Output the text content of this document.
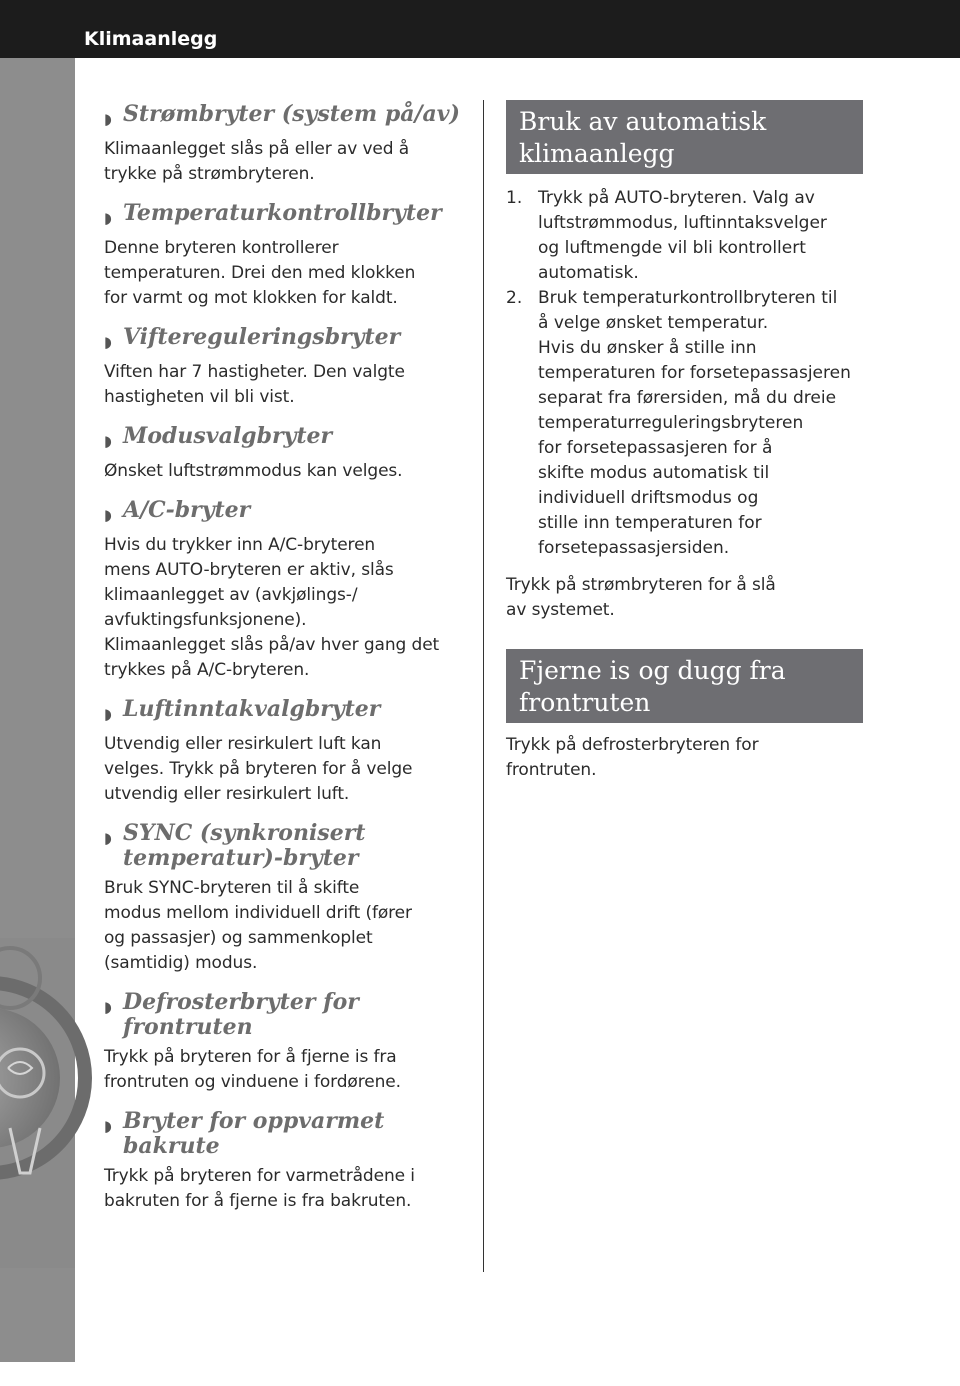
Klimaanlegg
5-6
◗ Strømbryter (system på/av)
Klimaanlegget slås på eller av ved å
trykke på strømbryteren.
◗ Temperaturkontrollbryter
Denne bryteren kontrollerer
temperaturen. Drei den med klokken
for varmt og mot klokken for kaldt.
◗ Viftereguleringsbryter
Viften har 7 hastigheter. Den valgte
hastigheten vil bli vist.
◗ Modusvalgbryter
Ønsket luftstrømmodus kan velges.
◗ A/C-bryter
Hvis du trykker inn A/C-bryteren
mens AUTO-bryteren er aktiv, slås
klimaanlegget av (avkjølings-/
avfuktingsfunksjonene).
Klimaanlegget slås på/av hver gang det
trykkes på A/C-bryteren.
◗ Luftinntakvalgbryter
Utvendig eller resirkulert luft kan
velges. Trykk på bryteren for å velge
utvendig eller resirkulert luft.
◗ SYNC (synkronisert
temperatur)-bryter
Bruk SYNC-bryteren til å skifte
modus mellom individuell drift (fører
og passasjer) og sammenkoplet
(samtidig) modus.
◗ Defrosterbryter for
frontruten
Trykk på bryteren for å fjerne is fra
frontruten og vinduene i fordørene.
◗ Bryter for oppvarmet
bakrute
Trykk på bryteren for varmetrådene i
bakruten for å fjerne is fra bakruten.
Bruk av automatisk
klimaanlegg
1. Trykk på AUTO-bryteren. Valg av
luftstrømmodus, luftinntaksvelger
og luftmengde vil bli kontrollert
automatisk.
2. Bruk temperaturkontrollbryteren til
å velge ønsket temperatur.
Hvis du ønsker å stille inn
temperaturen for forsetepassasjeren
separat fra førersiden, må du dreie
temperaturreguleringsbryteren
for forsetepassasjeren for å
skifte modus automatisk til
individuell driftsmodus og
stille inn temperaturen for
forsetepassasjersiden.
Trykk på strømbryteren for å slå
av systemet.
Fjerne is og dugg fra
frontruten
Trykk på defrosterbryteren for
frontruten.
